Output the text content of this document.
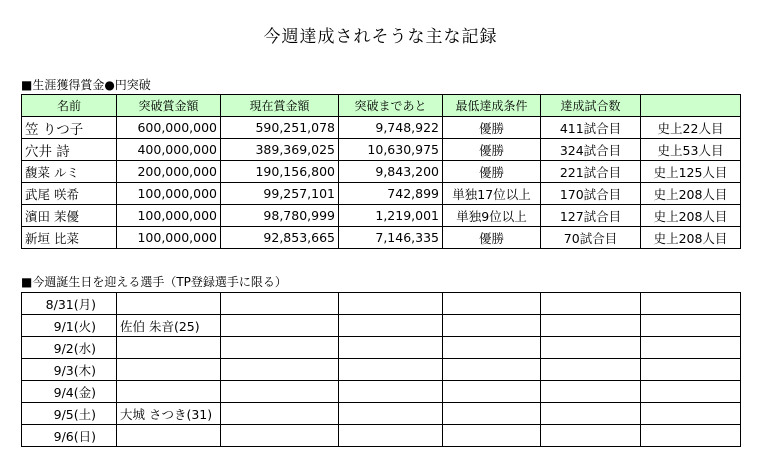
今週達成されそうな主な記録
■生涯獲得賞金●円突破
名前	突破賞金額	現在賞金額	突破まであと	最低達成条件	達成試合数	
笠 りつ子	600,000,000	590,251,078	9,748,922	優勝	411試合目	史上22人目
穴井 詩	400,000,000	389,369,025	10,630,975	優勝	324試合目	史上53人目
馥菜 ルミ	200,000,000	190,156,800	9,843,200	優勝	221試合目	史上125人目
武尾 咲希	100,000,000	99,257,101	742,899	単独17位以上	170試合目	史上208人目
濱田 茉優	100,000,000	98,780,999	1,219,001	単独9位以上	127試合目	史上208人目
新垣 比菜	100,000,000	92,853,665	7,146,335	優勝	70試合目	史上208人目
■今週誕生日を迎える選手（TP登録選手に限る）
8/31(月)						
9/1(火)	佐伯 朱音(25)					
9/2(水)						
9/3(木)						
9/4(金)						
9/5(土)	大城 さつき(31)					
9/6(日)						
